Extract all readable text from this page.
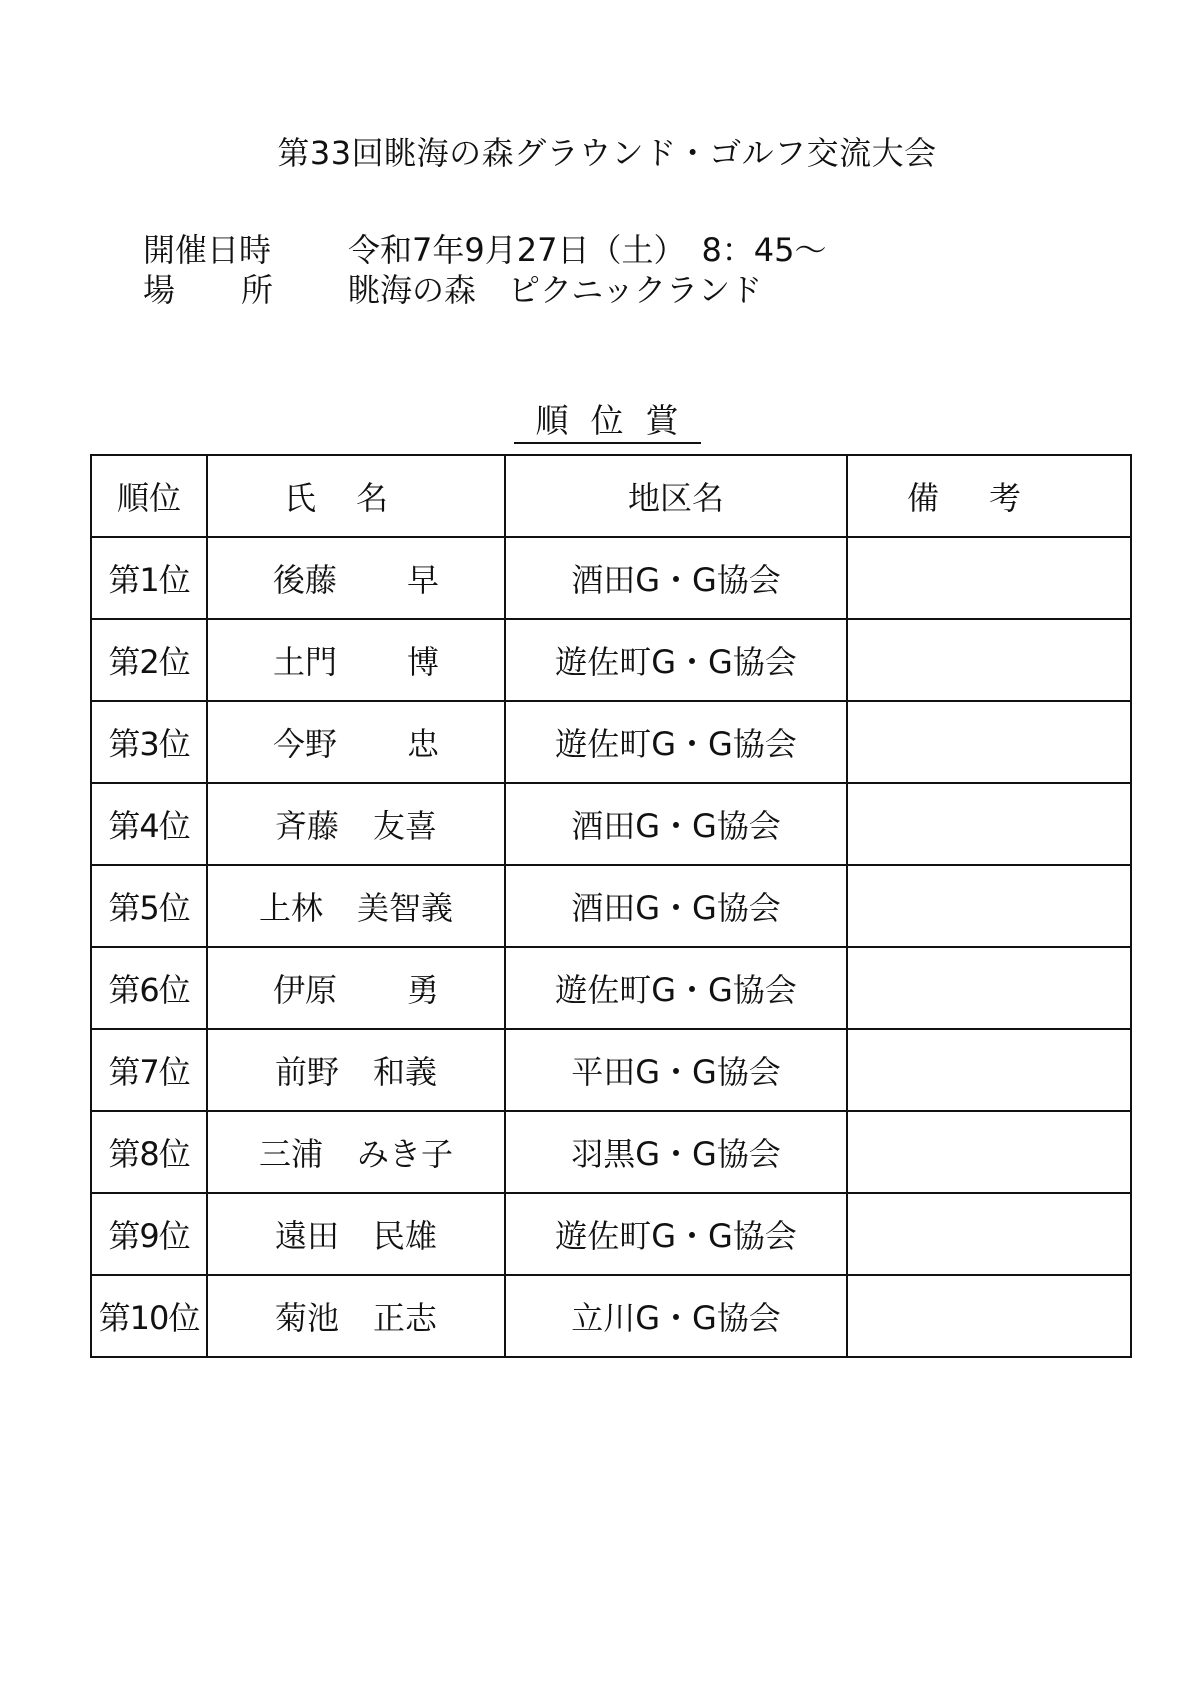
第33回眺海の森グラウンド・ゴルフ交流大会
開催日時	令和7年9月27日（土）　8：45～
場所 眺海の森　ピクニックランド
順位賞
順位	氏名	地区名	備考
第1位	後藤 早	酒田G・G協会	
第2位	土門 博	遊佐町G・G協会	
第3位	今野 忠	遊佐町G・G協会	
第4位	斉藤 友喜	酒田G・G協会	
第5位	上林 美智義	酒田G・G協会	
第6位	伊原 勇	遊佐町G・G協会	
第7位	前野 和義	平田G・G協会	
第8位	三浦 みき子	羽黒G・G協会	
第9位	遠田 民雄	遊佐町G・G協会	
第10位	菊池 正志	立川G・G協会	
